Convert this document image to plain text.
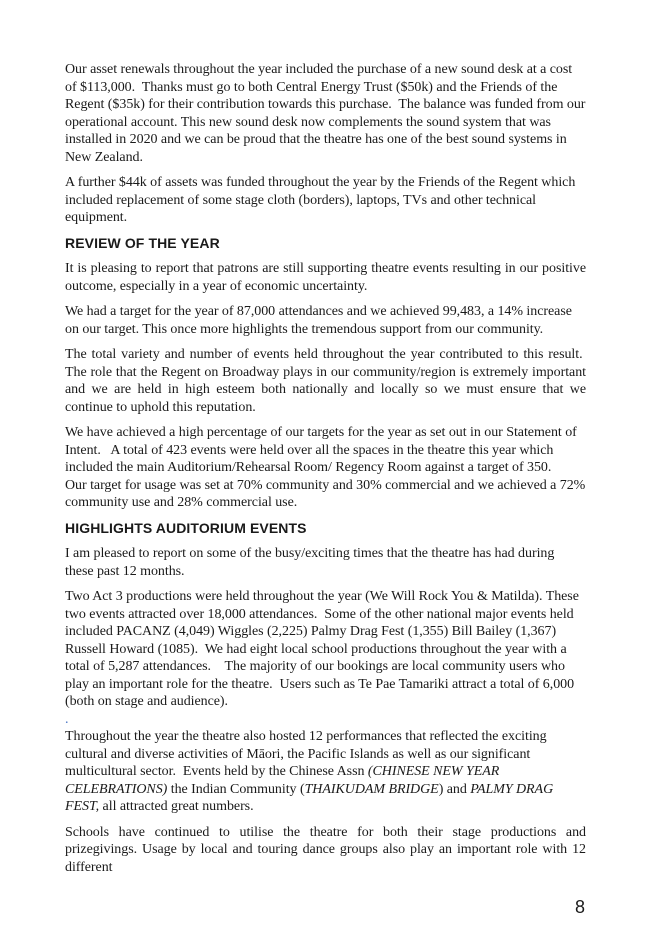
Our asset renewals throughout the year included the purchase of a new sound desk at a cost of $113,000.  Thanks must go to both Central Energy Trust ($50k) and the Friends of the Regent ($35k) for their contribution towards this purchase.  The balance was funded from our operational account. This new sound desk now complements the sound system that was installed in 2020 and we can be proud that the theatre has one of the best sound systems in New Zealand.

A further $44k of assets was funded throughout the year by the Friends of the Regent which included replacement of some stage cloth (borders), laptops, TVs and other technical equipment.

REVIEW OF THE YEAR

It is pleasing to report that patrons are still supporting theatre events resulting in our positive outcome, especially in a year of economic uncertainty.

We had a target for the year of 87,000 attendances and we achieved 99,483, a 14% increase on our target. This once more highlights the tremendous support from our community.

The total variety and number of events held throughout the year contributed to this result.  The role that the Regent on Broadway plays in our community/region is extremely important and we are held in high esteem both nationally and locally so we must ensure that we continue to uphold this reputation.

We have achieved a high percentage of our targets for the year as set out in our Statement of Intent.   A total of 423 events were held over all the spaces in the theatre this year which included the main Auditorium/Rehearsal Room/ Regency Room against a target of 350.
Our target for usage was set at 70% community and 30% commercial and we achieved a 72% community use and 28% commercial use.

HIGHLIGHTS AUDITORIUM EVENTS

I am pleased to report on some of the busy/exciting times that the theatre has had during these past 12 months.

Two Act 3 productions were held throughout the year (We Will Rock You & Matilda). These two events attracted over 18,000 attendances.  Some of the other national major events held included PACANZ (4,049) Wiggles (2,225) Palmy Drag Fest (1,355) Bill Bailey (1,367) Russell Howard (1085).  We had eight local school productions throughout the year with a total of 5,287 attendances.    The majority of our bookings are local community users who play an important role for the theatre.  Users such as Te Pae Tamariki attract a total of 6,000 (both on stage and audience).

.

Throughout the year the theatre also hosted 12 performances that reflected the exciting cultural and diverse activities of Māori, the Pacific Islands as well as our significant multicultural sector.  Events held by the Chinese Assn (CHINESE NEW YEAR CELEBRATIONS) the Indian Community (THAIKUDAM BRIDGE) and PALMY DRAG FEST, all attracted great numbers.

Schools have continued to utilise the theatre for both their stage productions and prizegivings. Usage by local and touring dance groups also play an important role with 12 different

8
